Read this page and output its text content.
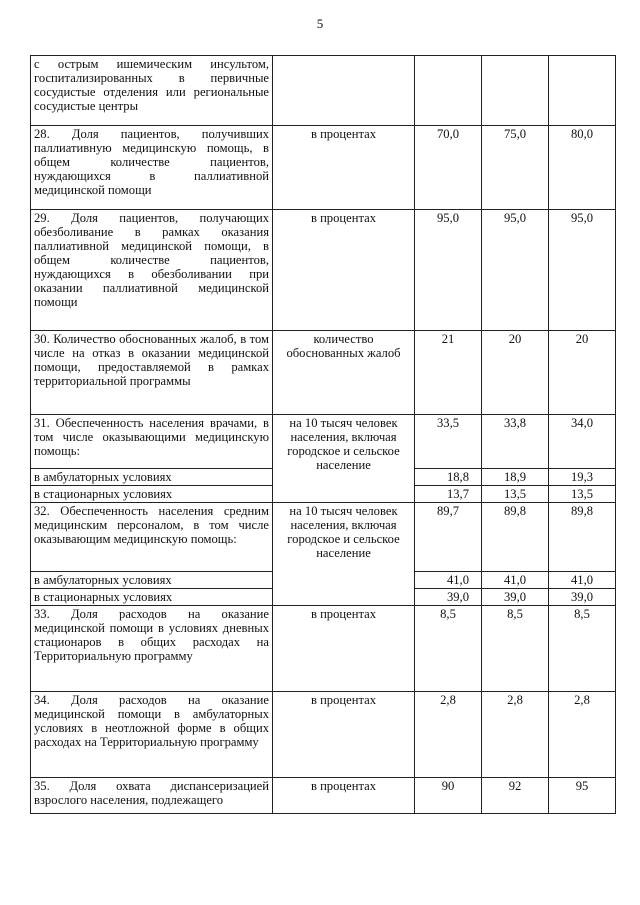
5
с острым ишемическим инсультом, госпитализированных в первичные сосудистые отделения или региональные сосудистые центры				
28. Доля пациентов, получивших паллиативную медицинскую помощь, в общем количестве пациентов, нуждающихся в паллиативной медицинской помощи	в процентах	70,0	75,0	80,0
29. Доля пациентов, получающих обезболивание в рамках оказания паллиативной медицинской помощи, в общем количестве пациентов, нуждающихся в обезболивании при оказании паллиативной медицинской помощи	в процентах	95,0	95,0	95,0
30. Количество обоснованных жалоб, в том числе на отказ в оказании медицинской помощи, предоставляемой в рамках территориальной программы	количество обоснованных жалоб	21	20	20
31. Обеспеченность населения врачами, в том числе оказывающими медицинскую помощь:	на 10 тысяч человек населения, включая городское и сельское население	33,5	33,8	34,0
в амбулаторных условиях		18,8	18,9	19,3
в стационарных условиях		13,7	13,5	13,5
32. Обеспеченность населения средним медицинским персоналом, в том числе оказывающим медицинскую помощь:	на 10 тысяч человек населения, включая городское и сельское население	89,7	89,8	89,8
в амбулаторных условиях		41,0	41,0	41,0
в стационарных условиях		39,0	39,0	39,0
33. Доля расходов на оказание медицинской помощи в условиях дневных стационаров в общих расходах на Территориальную программу	в процентах	8,5	8,5	8,5
34. Доля расходов на оказание медицинской помощи в амбулаторных условиях в неотложной форме в общих расходах на Территориальную программу	в процентах	2,8	2,8	2,8
35. Доля охвата диспансеризацией взрослого населения, подлежащего	в процентах	90	92	95
